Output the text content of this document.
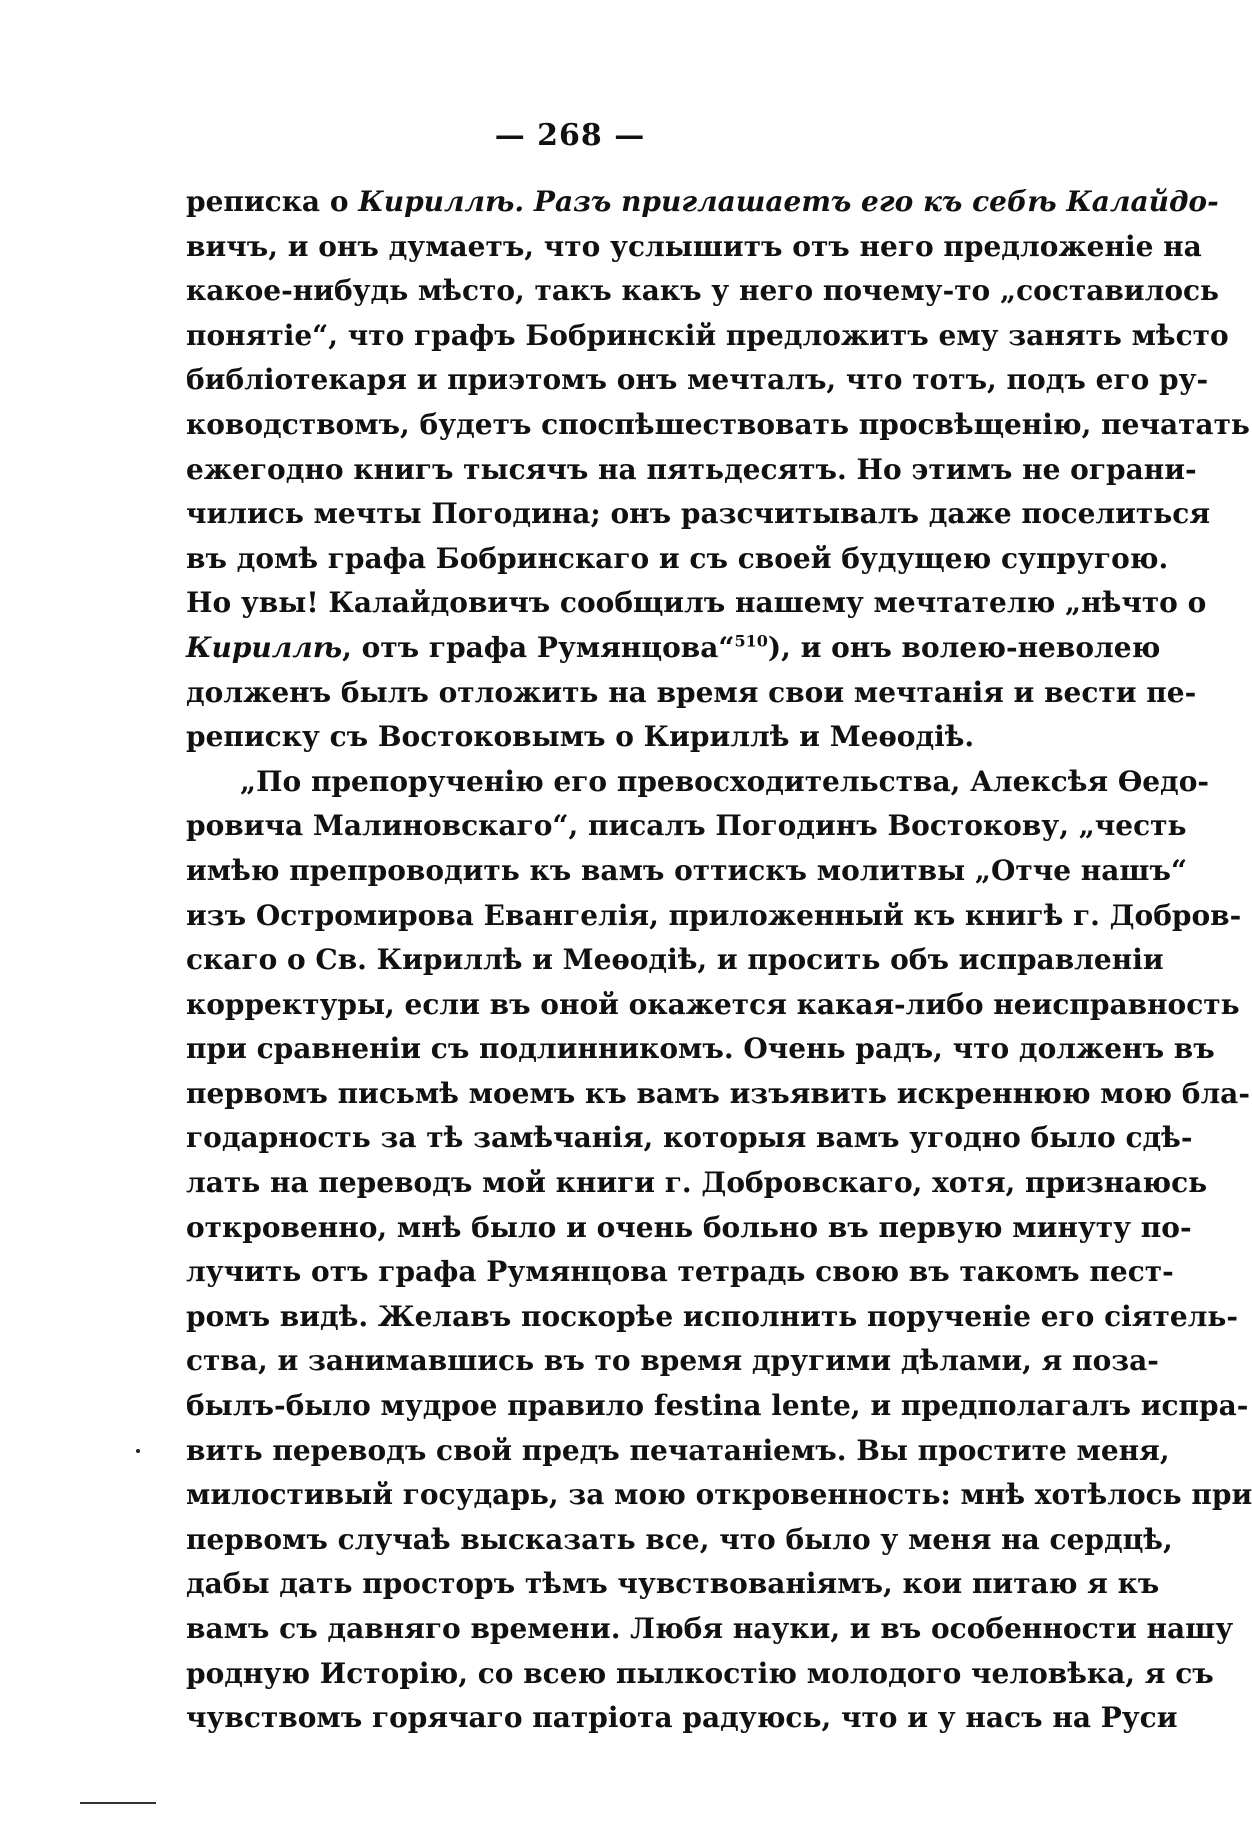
— 268 —
реписка о Кириллѣ. Разъ приглашаетъ его къ себѣ Калайдо-
вичъ, и онъ думаетъ, что услышитъ отъ него предложеніе на
какое-нибудь мѣсто, такъ какъ у него почему-то „составилось
понятіе“, что графъ Бобринскій предложитъ ему занять мѣсто
библіотекаря и приэтомъ онъ мечталъ, что тотъ, подъ его ру-
ководствомъ, будетъ споспѣшествовать просвѣщенію, печатать
ежегодно книгъ тысячъ на пятьдесятъ. Но этимъ не ограни-
чились мечты Погодина; онъ разсчитывалъ даже поселиться
въ домѣ графа Бобринскаго и съ своей будущею супругою.
Но увы! Калайдовичъ сообщилъ нашему мечтателю „нѣчто о
Кириллѣ, отъ графа Румянцова“$^{510}$), и онъ волею-неволею
долженъ былъ отложить на время свои мечтанія и вести пе-
реписку съ Востоковымъ о Кириллѣ и Меѳодіѣ.
„По препорученію его превосходительства, Алексѣя Ѳедо-
ровича Малиновскаго“, писалъ Погодинъ Востокову, „честь
имѣю препроводить къ вамъ оттискъ молитвы „Отче нашъ“
изъ Остромирова Евангелія, приложенный къ книгѣ г. Добров-
скаго о Св. Кириллѣ и Меѳодіѣ, и просить объ исправленіи
корректуры, если въ оной окажется какая-либо неисправность
при сравненіи съ подлинникомъ. Очень радъ, что долженъ въ
первомъ письмѣ моемъ къ вамъ изъявить искреннюю мою бла-
годарность за тѣ замѣчанія, которыя вамъ угодно было сдѣ-
лать на переводъ мой книги г. Добровскаго, хотя, признаюсь
откровенно, мнѣ было и очень больно въ первую минуту по-
лучить отъ графа Румянцова тетрадь свою въ такомъ пест-
ромъ видѣ. Желавъ поскорѣе исполнить порученіе его сіятель-
ства, и занимавшись въ то время другими дѣлами, я поза-
былъ-было мудрое правило festina lente, и предполагалъ испра-
вить переводъ свой предъ печатаніемъ. Вы простите меня,
милостивый государь, за мою откровенность: мнѣ хотѣлось при
первомъ случаѣ высказать все, что было у меня на сердцѣ,
дабы дать просторъ тѣмъ чувствованіямъ, кои питаю я къ
вамъ съ давняго времени. Любя науки, и въ особенности нашу
родную Исторію, со всею пылкостію молодого человѣка, я съ
чувствомъ горячаго патріота радуюсь, что и у насъ на Руси
